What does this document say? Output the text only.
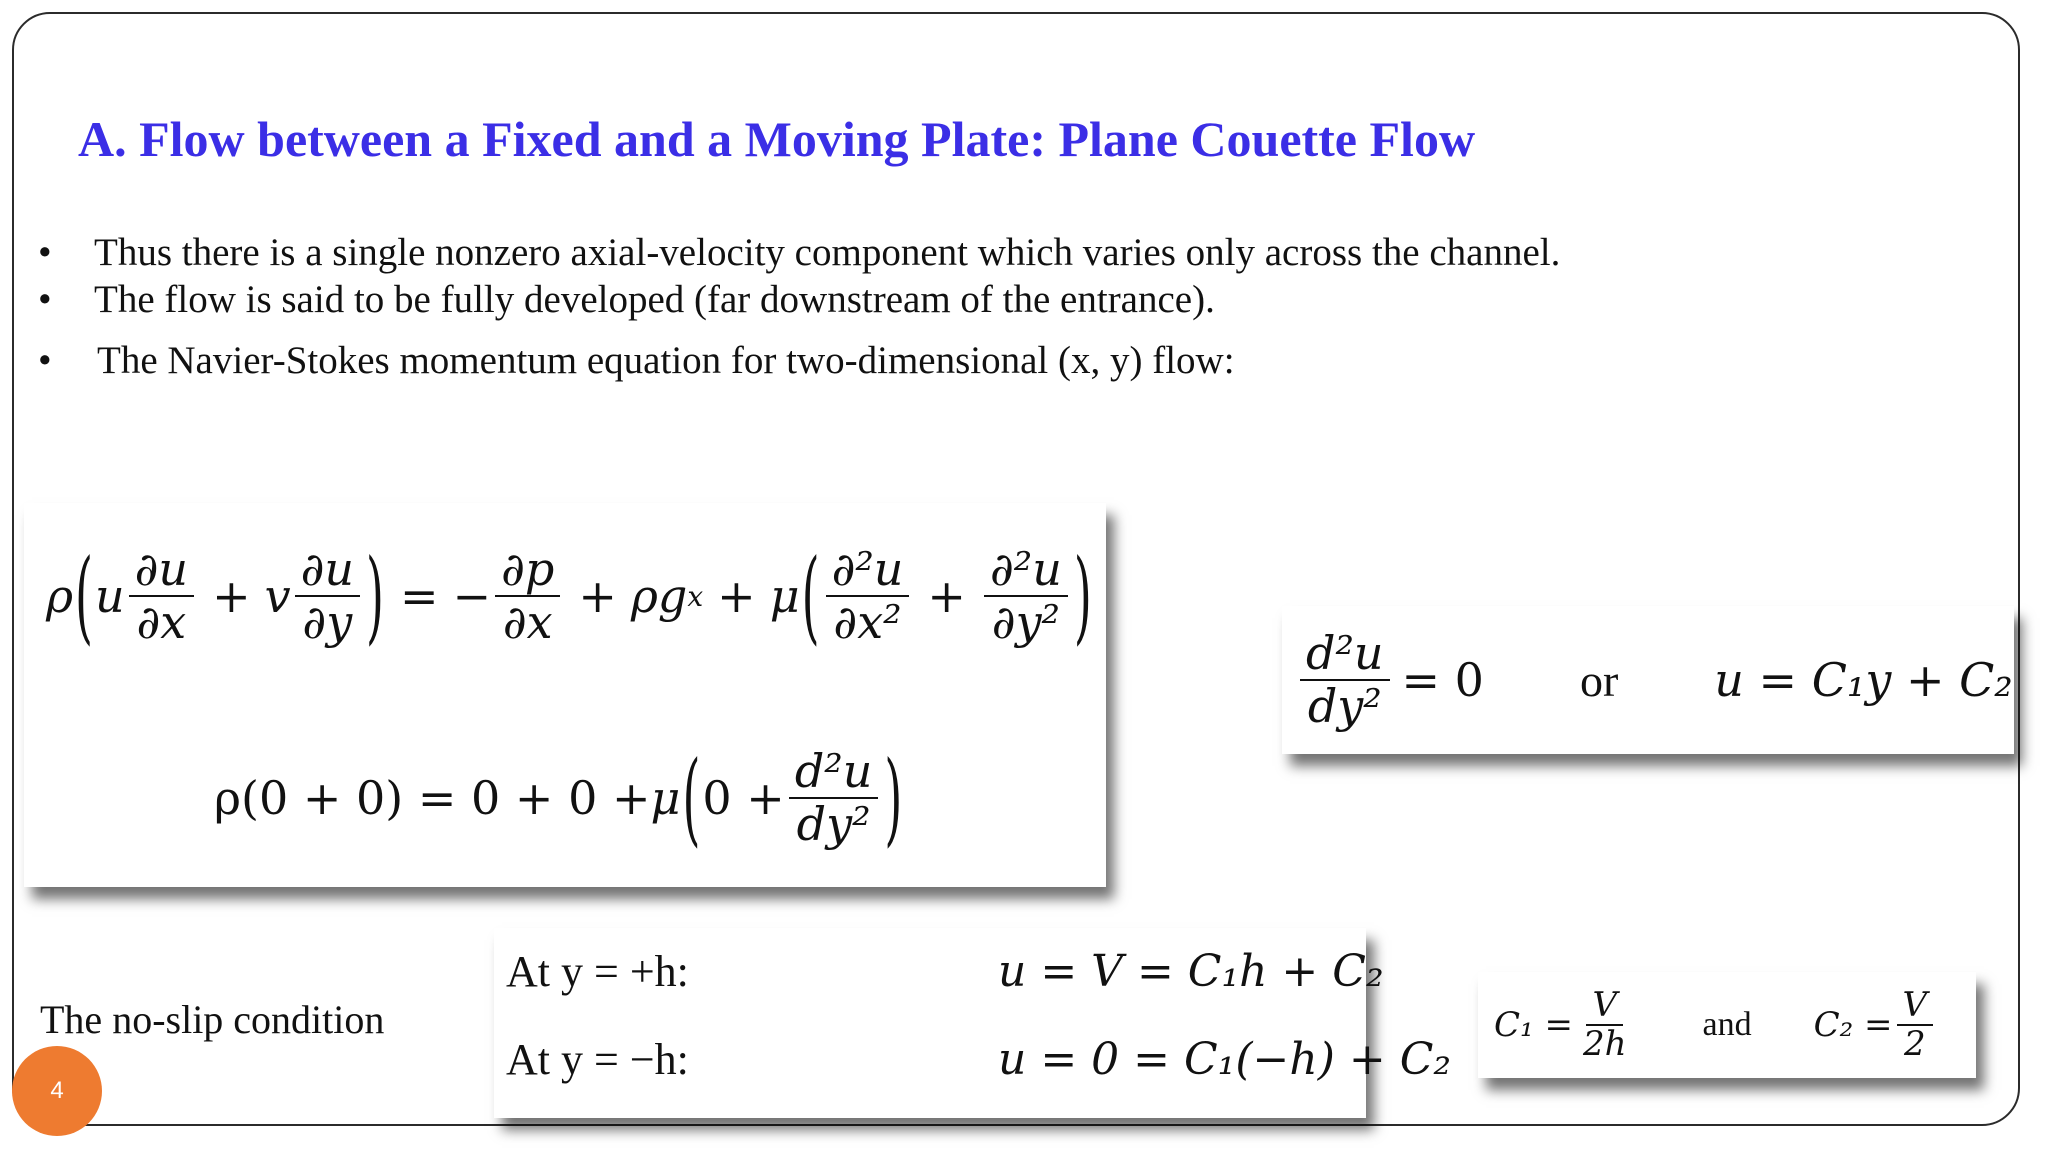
A. Flow between a Fixed and a Moving Plate: Plane Couette Flow
• Thus there is a single nonzero axial-velocity component which varies only across the channel.
• The flow is said to be fully developed (far downstream of the entrance).
• The Navier-Stokes momentum equation for two-dimensional (x, y) flow:
ρ ( u $\frac{\partial u}{\partial x} + v \frac{\partial u}{\partial y}$ ) = − $\frac{\partial p}{\partial x} + \rho g$ x + μ ( $\frac{\text{∂²u}}{\text{∂x²}} + \frac{\text{∂²u}}{\text{∂y²}}$ )
ρ(0 + 0) = 0 + 0 + μ ( $0 + \frac{\text{d²u}}{\text{dy²}}$ )
$\frac{\text{d²u}}{\text{dy²}} = 0$ or u = C₁y + C₂
At y = +h:	u = V = C₁h + C₂
At y = −h:	u = 0 = C₁(−h) + C₂
$C_1 = \frac{V}{2h}$ and $C_2 = \frac{V}{2}$
The no-slip condition
4
